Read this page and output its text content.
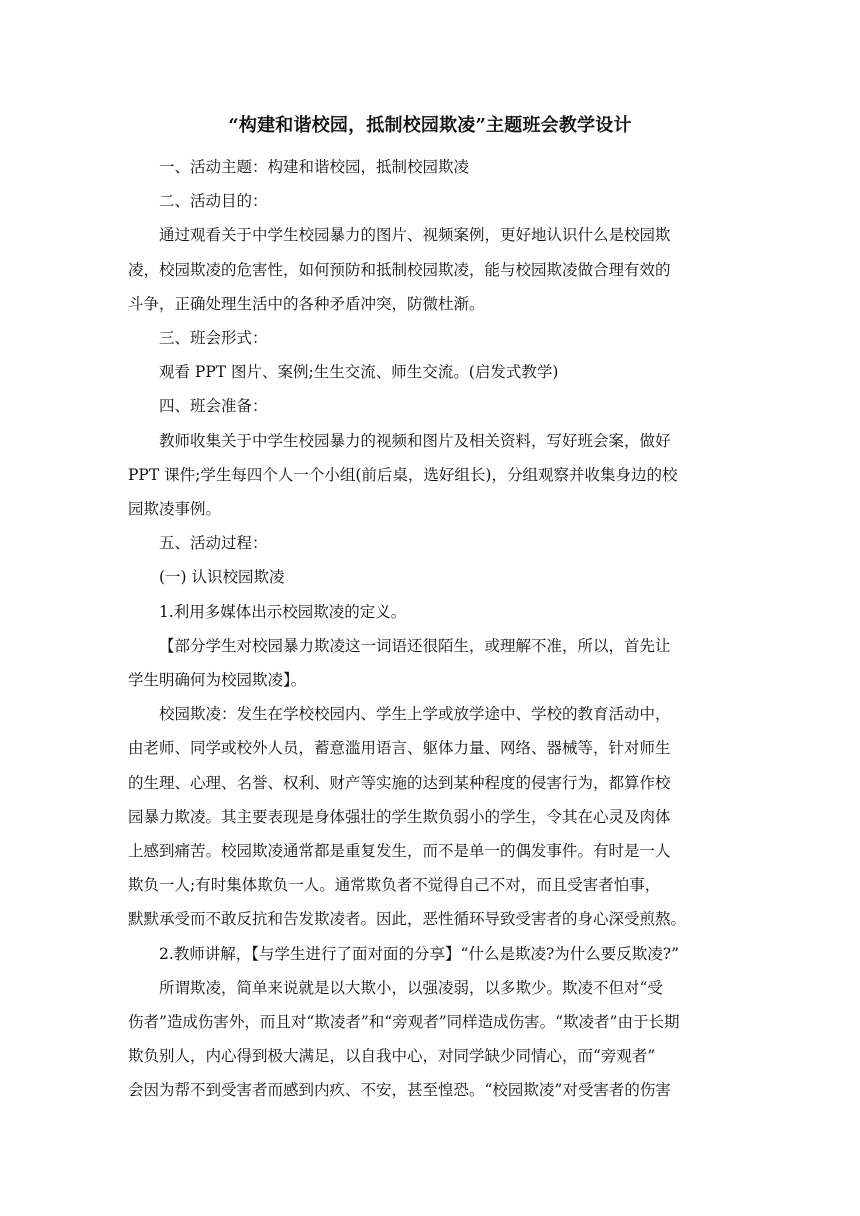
“构建和谐校园，抵制校园欺凌”主题班会教学设计

一、活动主题：构建和谐校园，抵制校园欺凌

二、活动目的：

通过观看关于中学生校园暴力的图片、视频案例，更好地认识什么是校园欺
凌，校园欺凌的危害性，如何预防和抵制校园欺凌，能与校园欺凌做合理有效的
斗争，正确处理生活中的各种矛盾冲突，防微杜渐。

三、班会形式：

观看 PPT 图片、案例;生生交流、师生交流。(启发式教学)

四、班会准备：

教师收集关于中学生校园暴力的视频和图片及相关资料，写好班会案，做好
PPT 课件;学生每四个人一个小组(前后桌，选好组长)，分组观察并收集身边的校
园欺凌事例。

五、活动过程：

(一) 认识校园欺凌

1.利用多媒体出示校园欺凌的定义。

【部分学生对校园暴力欺凌这一词语还很陌生，或理解不准，所以，首先让
学生明确何为校园欺凌】。

校园欺凌：发生在学校校园内、学生上学或放学途中、学校的教育活动中，
由老师、同学或校外人员，蓄意滥用语言、躯体力量、网络、器械等，针对师生
的生理、心理、名誉、权利、财产等实施的达到某种程度的侵害行为，都算作校
园暴力欺凌。其主要表现是身体强壮的学生欺负弱小的学生，令其在心灵及肉体
上感到痛苦。校园欺凌通常都是重复发生，而不是单一的偶发事件。有时是一人
欺负一人;有时集体欺负一人。通常欺负者不觉得自己不对，而且受害者怕事，
默默承受而不敢反抗和告发欺凌者。因此，恶性循环导致受害者的身心深受煎熬。

2.教师讲解，【与学生进行了面对面的分享】“什么是欺凌?为什么要反欺凌?”

所谓欺凌，简单来说就是以大欺小，以强凌弱，以多欺少。欺凌不但对“受
伤者”造成伤害外，而且对“欺凌者”和“旁观者”同样造成伤害。“欺凌者”由于长期
欺负别人，内心得到极大满足，以自我中心，对同学缺少同情心，而“旁观者”
会因为帮不到受害者而感到内疚、不安，甚至惶恐。“校园欺凌”对受害者的伤害
